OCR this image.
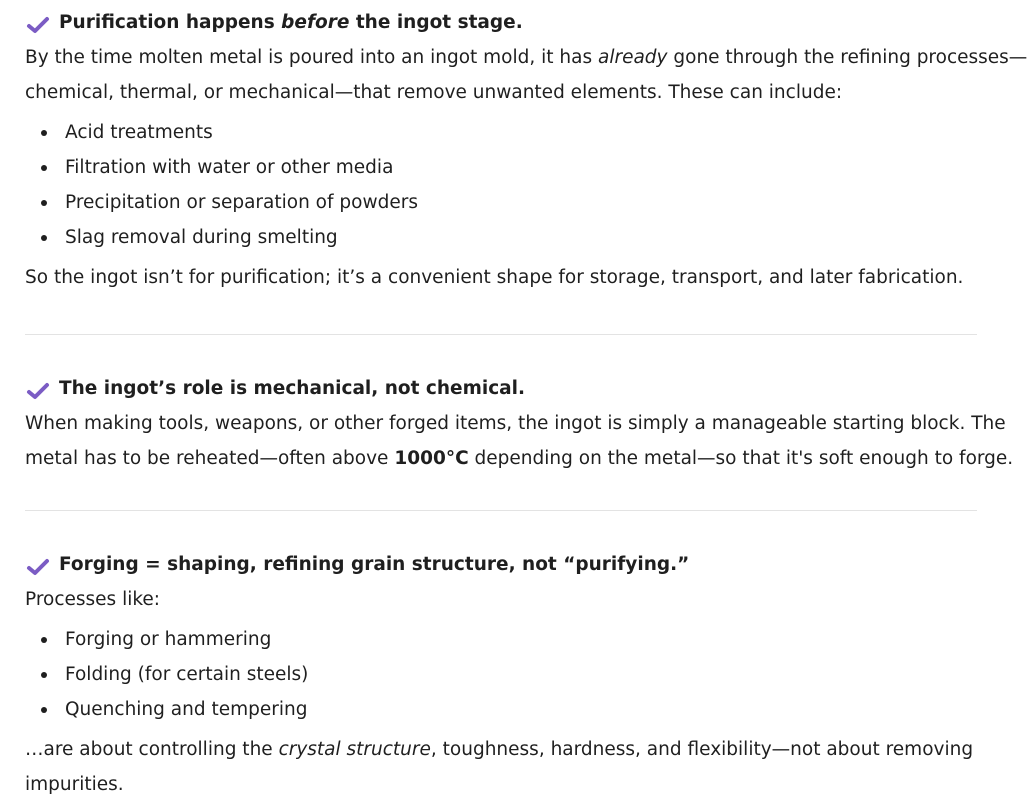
Purification happens before the ingot stage.

By the time molten metal is poured into an ingot mold, it has already gone through the refining processes—
chemical, thermal, or mechanical—that remove unwanted elements. These can include:

Acid treatments
Filtration with water or other media
Precipitation or separation of powders
Slag removal during smelting

So the ingot isn’t for purification; it’s a convenient shape for storage, transport, and later fabrication.

The ingot’s role is mechanical, not chemical.

When making tools, weapons, or other forged items, the ingot is simply a manageable starting block. The
metal has to be reheated—often above 1000°C depending on the metal—so that it's soft enough to forge.

Forging = shaping, refining grain structure, not “purifying.”

Processes like:

Forging or hammering
Folding (for certain steels)
Quenching and tempering

…are about controlling the crystal structure, toughness, hardness, and flexibility—not about removing
impurities.
